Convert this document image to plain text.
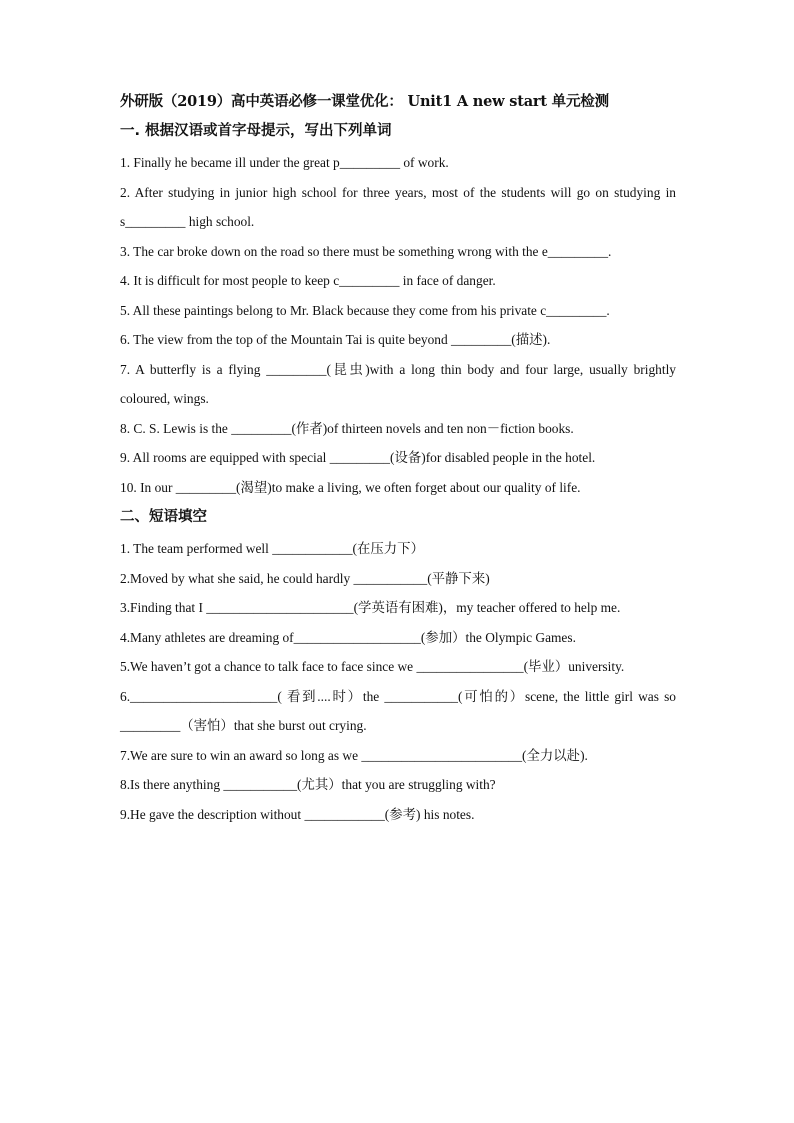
外研版（2019）高中英语必修一课堂优化： Unit1 A new start 单元检测
一. 根据汉语或首字母提示，写出下列单词

1. Finally he became ill under the great p_________ of work.

2. After studying in junior high school for three years, most of the students will go on studying in s_________ high school.

3. The car broke down on the road so there must be something wrong with the e_________.

4. It is difficult for most people to keep c_________ in face of danger.

5. All these paintings belong to Mr. Black because they come from his private c_________.

6. The view from the top of the Mountain Tai is quite beyond _________(描述).

7. A butterfly is a flying _________(昆虫)with a long thin body and four large, usually brightly coloured, wings.

8. C. S. Lewis is the _________(作者)of thirteen novels and ten non－fiction books.

9. All rooms are equipped with special _________(设备)for disabled people in the hotel.

10. In our _________(渴望)to make a living, we often forget about our quality of life.

二、短语填空

1. The team performed well ____________(在压力下）

2.Moved by what she said, he could hardly ___________(平静下来)

3.Finding that I ______________________(学英语有困难)，my teacher offered to help me.

4.Many athletes are dreaming of___________________(参加）the Olympic Games.

5.We haven’t got a chance to talk face to face since we ________________(毕业）university.

6.______________________( 看到....时）the ___________(可怕的）scene, the little girl was so _________（害怕）that she burst out crying.

7.We are sure to win an award so long as we ________________________(全力以赴).

8.Is there anything ___________(尤其）that you are struggling with?

9.He gave the description without ____________(参考) his notes.
